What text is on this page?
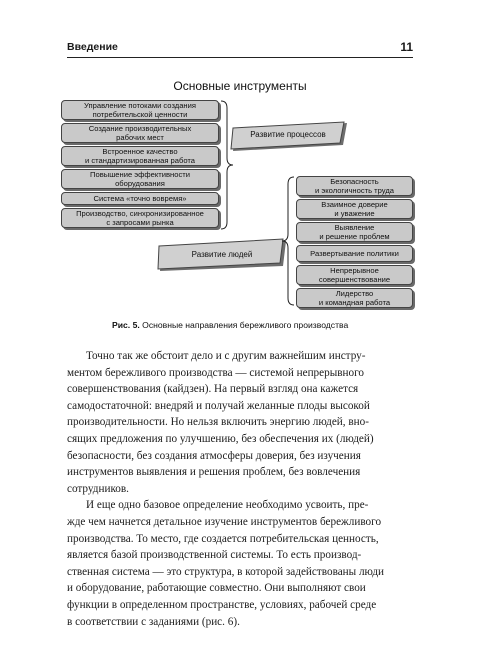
Введение	11
Основные инструменты
Управление потоками создания
потребительской ценности
Создание производительных
рабочих мест
Встроенное качество
и стандартизированная работа
Повышение эффективности
оборудования
Система «точно вовремя»
Производство, синхронизированное
с запросами рынка
Развитие процессов
Развитие людей
Безопасность
и экологичность труда
Взаимное доверие
и уважение
Выявление
и решение проблем
Развертывание политики
Непрерывное
совершенствование
Лидерство
и командная работа
Рис. 5. Основные направления бережливого производства
Точно так же обстоит дело и с другим важнейшим инстру-
ментом бережливого производства — системой непрерывного
совершенствования (кайдзен). На первый взгляд она кажется
самодостаточной: внедряй и получай желанные плоды высокой
производительности. Но нельзя включить энергию людей, вно-
сящих предложения по улучшению, без обеспечения их (людей)
безопасности, без создания атмосферы доверия, без изучения
инструментов выявления и решения проблем, без вовлечения
сотрудников.
И еще одно базовое определение необходимо усвоить, пре-
жде чем начнется детальное изучение инструментов бережливого
производства. То место, где создается потребительская ценность,
является базой производственной системы. То есть производ-
ственная система — это структура, в которой задействованы люди
и оборудование, работающие совместно. Они выполняют свои
функции в определенном пространстве, условиях, рабочей среде
в соответствии с заданиями (рис. 6).
